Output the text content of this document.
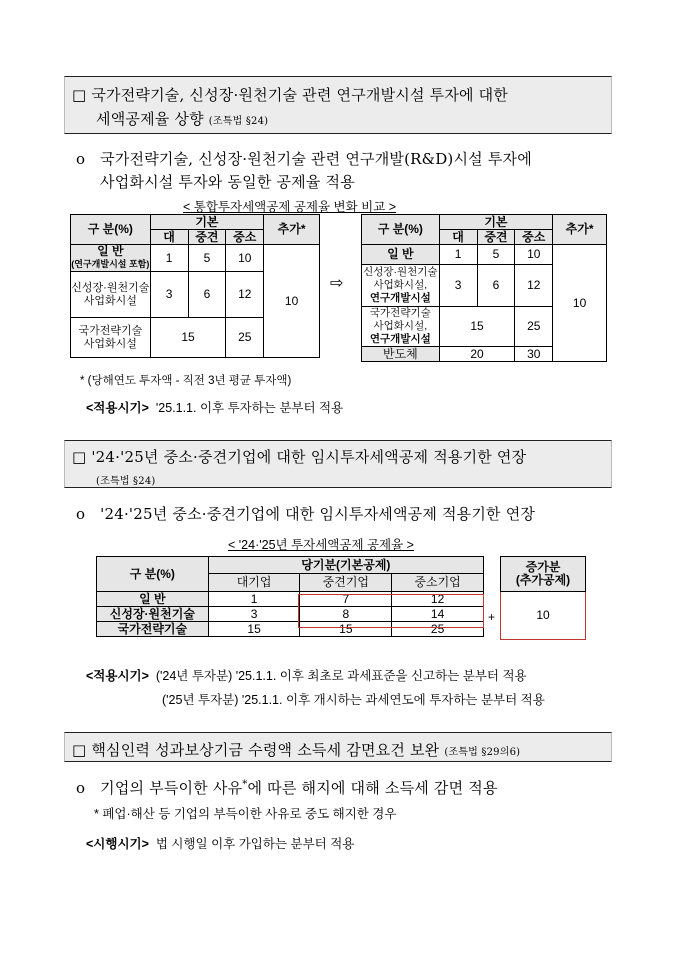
□ 국가전략기술, 신성장·원천기술 관련 연구개발시설 투자에 대한
세액공제율 상향 (조특법 §24)
ο 국가전략기술, 신성장·원천기술 관련 연구개발(R&D)시설 투자에
사업화시설 투자와 동일한 공제율 적용
< 통합투자세액공제 공제율 변화 비교 >
구 분(%)	기본			추가*
	대	중견	중소	

일 반
(연구개발시설 포함)	1	5	10	10

신성장·원천기술
사업화시설	3	6	12	

국가전략기술
사업화시설	15		25	
⇨
구 분(%)	기본			추가*
	대	중견	중소	
일 반	1	5	10	10

신성장·원천기술
사업화시설,
연구개발시설	3	6	12	

국가전략기술
사업화시설,
연구개발시설	15		25	
반도체	20		30	
* (당해연도 투자액 - 직전 3년 평균 투자액)
<적용시기> '25.1.1. 이후 투자하는 분부터 적용
□ '24·'25년 중소·중견기업에 대한 임시투자세액공제 적용기한 연장
(조특법 §24)
ο '24·'25년 중소·중견기업에 대한 임시투자세액공제 적용기한 연장
< '24·'25년 투자세액공제 공제율 >
구 분(%)	당기분(기본공제)		
	대기업	중견기업	중소기업
일 반	1	7	12
신성장·원천기술	3	8	14
국가전략기술	15	15	25
+
증가분
(추가공제)

10
<적용시기> ('24년 투자분) '25.1.1. 이후 최초로 과세표준을 신고하는 분부터 적용
('25년 투자분) '25.1.1. 이후 개시하는 과세연도에 투자하는 분부터 적용
□ 핵심인력 성과보상기금 수령액 소득세 감면요건 보완 (조특법 §29의6)
ο 기업의 부득이한 사유*에 따른 해지에 대해 소득세 감면 적용
* 폐업·해산 등 기업의 부득이한 사유로 중도 해지한 경우
<시행시기> 법 시행일 이후 가입하는 분부터 적용
